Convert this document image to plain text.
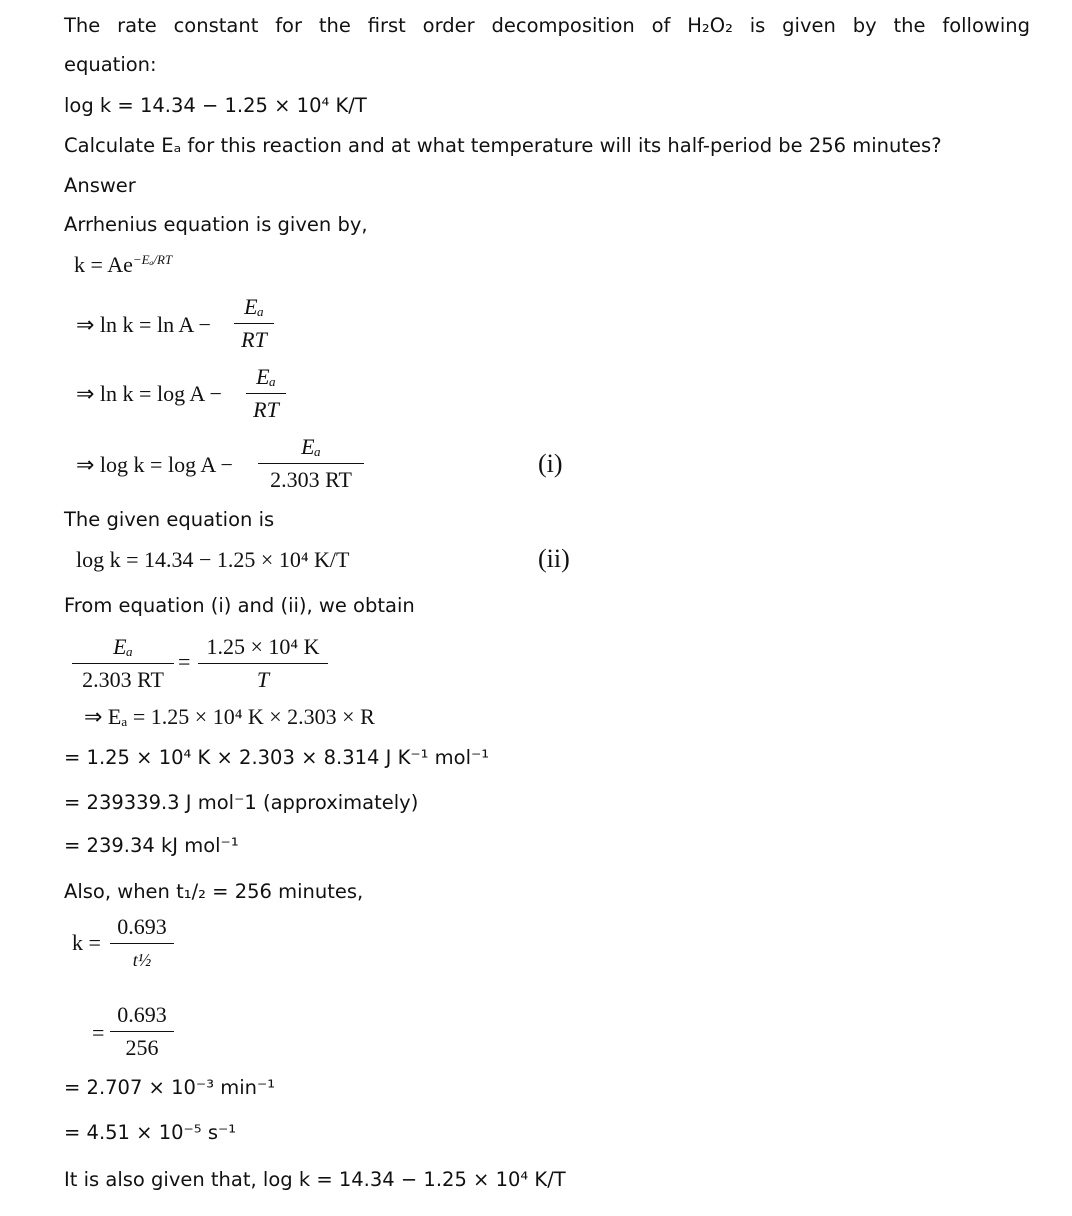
The rate constant for the first order decomposition of H₂O₂ is given by the following
equation:
log k = 14.34 − 1.25 × 10⁴ K/T
Calculate Eₐ for this reaction and at what temperature will its half-period be 256 minutes?
Answer
Arrhenius equation is given by,
$k = Ae^{-E_a/RT}$
⇒ ln k = ln A −
Eₐ
RT
⇒ ln k = log A −
Eₐ
RT
⇒ log k = log A −
Eₐ
2.303 RT
(i)
The given equation is
log k = 14.34 − 1.25 × 10⁴ K/T	(ii)
From equation (i) and (ii), we obtain
Eₐ
2.303 RT
=
1.25 × 10⁴ K
T
⇒ Eₐ = 1.25 × 10⁴ K × 2.303 × R
= 1.25 × 10⁴ K × 2.303 × 8.314 J K⁻¹ mol⁻¹
= 239339.3 J mol⁻1 (approximately)
= 239.34 kJ mol⁻¹
Also, when t₁/₂ = 256 minutes,
k =
0.693
t½
=
0.693
256
= 2.707 × 10⁻³ min⁻¹
= 4.51 × 10⁻⁵ s⁻¹
It is also given that, log k = 14.34 − 1.25 × 10⁴ K/T
